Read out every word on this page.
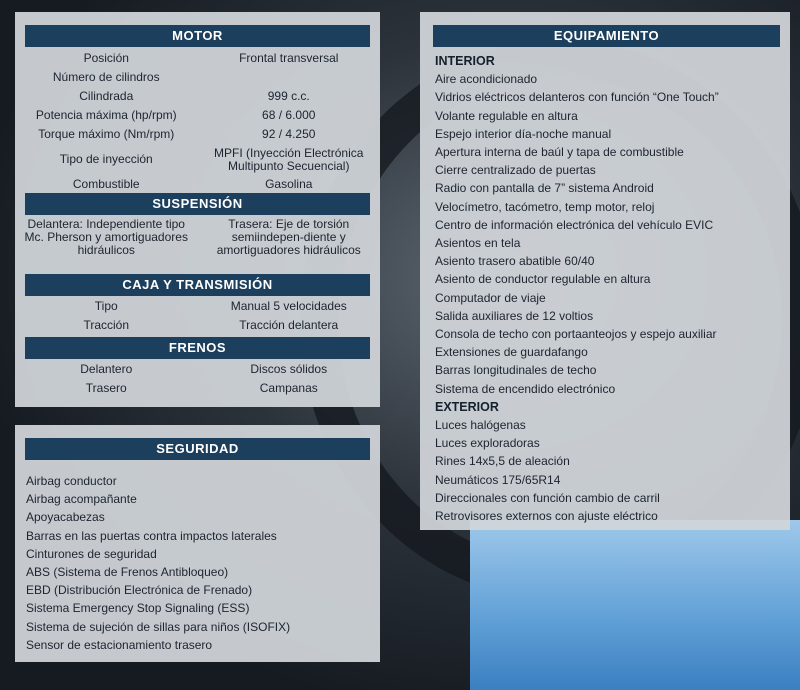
MOTOR
Posición	Frontal transversal
Número de cilindros
Cilindrada	999 c.c.
Potencia máxima (hp/rpm)	68 / 6.000
Torque máximo (Nm/rpm)	92 / 4.250
Tipo de inyección	MPFI (Inyección Electrónica Multipunto Secuencial)
Combustible	Gasolina
SUSPENSIÓN
Delantera: Independiente tipo Mc. Pherson y amortiguadores hidráulicos
Trasera: Eje de torsión semiindepen-diente y amortiguadores hidráulicos
CAJA Y TRANSMISIÓN
Tipo	Manual 5 velocidades
Tracción	Tracción delantera
FRENOS
Delantero	Discos sólidos
Trasero	Campanas
SEGURIDAD
Airbag conductor
Airbag acompañante
Apoyacabezas
Barras en las puertas contra impactos laterales
Cinturones de seguridad
ABS (Sistema de Frenos Antibloqueo)
EBD (Distribución Electrónica de Frenado)
Sistema Emergency Stop Signaling (ESS)
Sistema de sujeción de sillas para niños (ISOFIX)
Sensor de estacionamiento trasero
EQUIPAMIENTO
INTERIOR
Aire acondicionado
Vidrios eléctricos delanteros con función “One Touch”
Volante regulable en altura
Espejo interior día-noche manual
Apertura interna de baúl y tapa de combustible
Cierre centralizado de puertas
Radio con pantalla de 7” sistema Android
Velocímetro, tacómetro, temp motor, reloj
Centro de información electrónica del vehículo EVIC
Asientos en tela
Asiento trasero abatible 60/40
Asiento de conductor regulable en altura
Computador de viaje
Salida auxiliares de 12 voltios
Consola de techo con portaanteojos y espejo auxiliar
Extensiones de guardafango
Barras longitudinales de techo
Sistema de encendido electrónico
EXTERIOR
Luces halógenas
Luces exploradoras
Rines 14x5,5 de aleación
Neumáticos 175/65R14
Direccionales con función cambio de carril
Retrovisores externos con ajuste eléctrico
